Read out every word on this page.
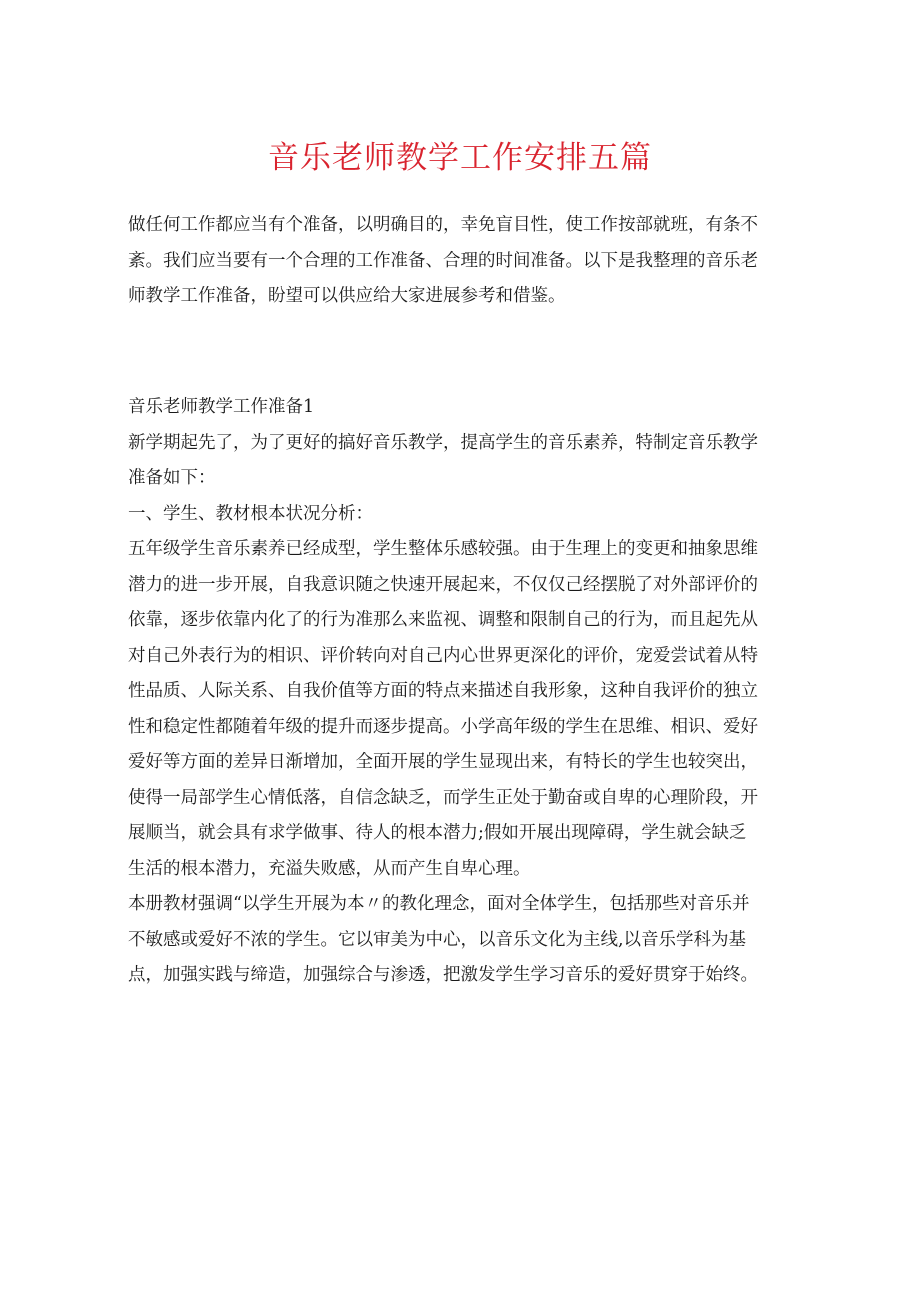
音乐老师教学工作安排五篇
做任何工作都应当有个准备，以明确目的，幸免盲目性，使工作按部就班，有条不
紊。我们应当要有一个合理的工作准备、合理的时间准备。以下是我整理的音乐老
师教学工作准备，盼望可以供应给大家进展参考和借鉴。
音乐老师教学工作准备1
新学期起先了，为了更好的搞好音乐教学，提高学生的音乐素养，特制定音乐教学
准备如下：
一、学生、教材根本状况分析：
五年级学生音乐素养已经成型，学生整体乐感较强。由于生理上的变更和抽象思维
潜力的进一步开展，自我意识随之快速开展起来，不仅仅己经摆脱了对外部评价的
依靠，逐步依靠内化了的行为准那么来监视、调整和限制自己的行为，而且起先从
对自己外表行为的相识、评价转向对自己内心世界更深化的评价，宠爱尝试着从特
性品质、人际关系、自我价值等方面的特点来描述自我形象，这种自我评价的独立
性和稳定性都随着年级的提升而逐步提高。小学高年级的学生在思维、相识、爱好
爱好等方面的差异日渐增加，全面开展的学生显现出来，有特长的学生也较突出，
使得一局部学生心情低落，自信念缺乏，而学生正处于勤奋或自卑的心理阶段，开
展顺当，就会具有求学做事、待人的根本潜力;假如开展出现障碍，学生就会缺乏
生活的根本潜力，充溢失败感，从而产生自卑心理。
本册教材强调“以学生开展为本〃的教化理念，面对全体学生，包括那些对音乐并
不敏感或爱好不浓的学生。它以审美为中心，以音乐文化为主线,以音乐学科为基
点，加强实践与缔造，加强综合与渗透，把激发学生学习音乐的爱好贯穿于始终。
